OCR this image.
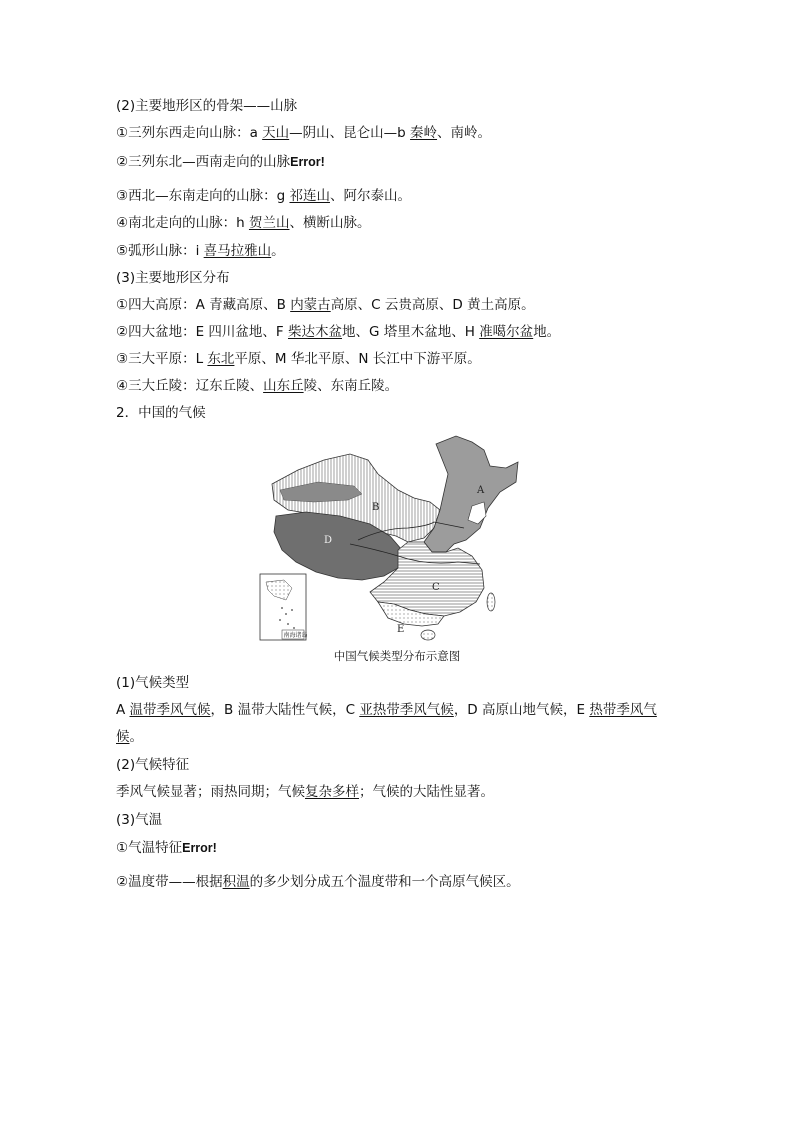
(2)主要地形区的骨架——山脉
①三列东西走向山脉：a 天山—阴山、昆仑山—b 秦岭、南岭。
②三列东北—西南走向的山脉Error!
③西北—东南走向的山脉：g 祁连山、阿尔泰山。
④南北走向的山脉：h 贺兰山、横断山脉。
⑤弧形山脉：i 喜马拉雅山。
(3)主要地形区分布
①四大高原：A 青藏高原、B 内蒙古高原、C 云贵高原、D 黄土高原。
②四大盆地：E 四川盆地、F 柴达木盆地、G 塔里木盆地、H 准噶尔盆地。
③三大平原：L 东北平原、M 华北平原、N 长江中下游平原。
④三大丘陵：辽东丘陵、山东丘陵、东南丘陵。
2．中国的气候
南海诸岛
A
B
C
D
E
中国气候类型分布示意图
(1)气候类型
A 温带季风气候，B 温带大陆性气候，C 亚热带季风气候，D 高原山地气候，E 热带季风气
候。
(2)气候特征
季风气候显著；雨热同期；气候复杂多样；气候的大陆性显著。
(3)气温
①气温特征Error!
②温度带——根据积温的多少划分成五个温度带和一个高原气候区。
